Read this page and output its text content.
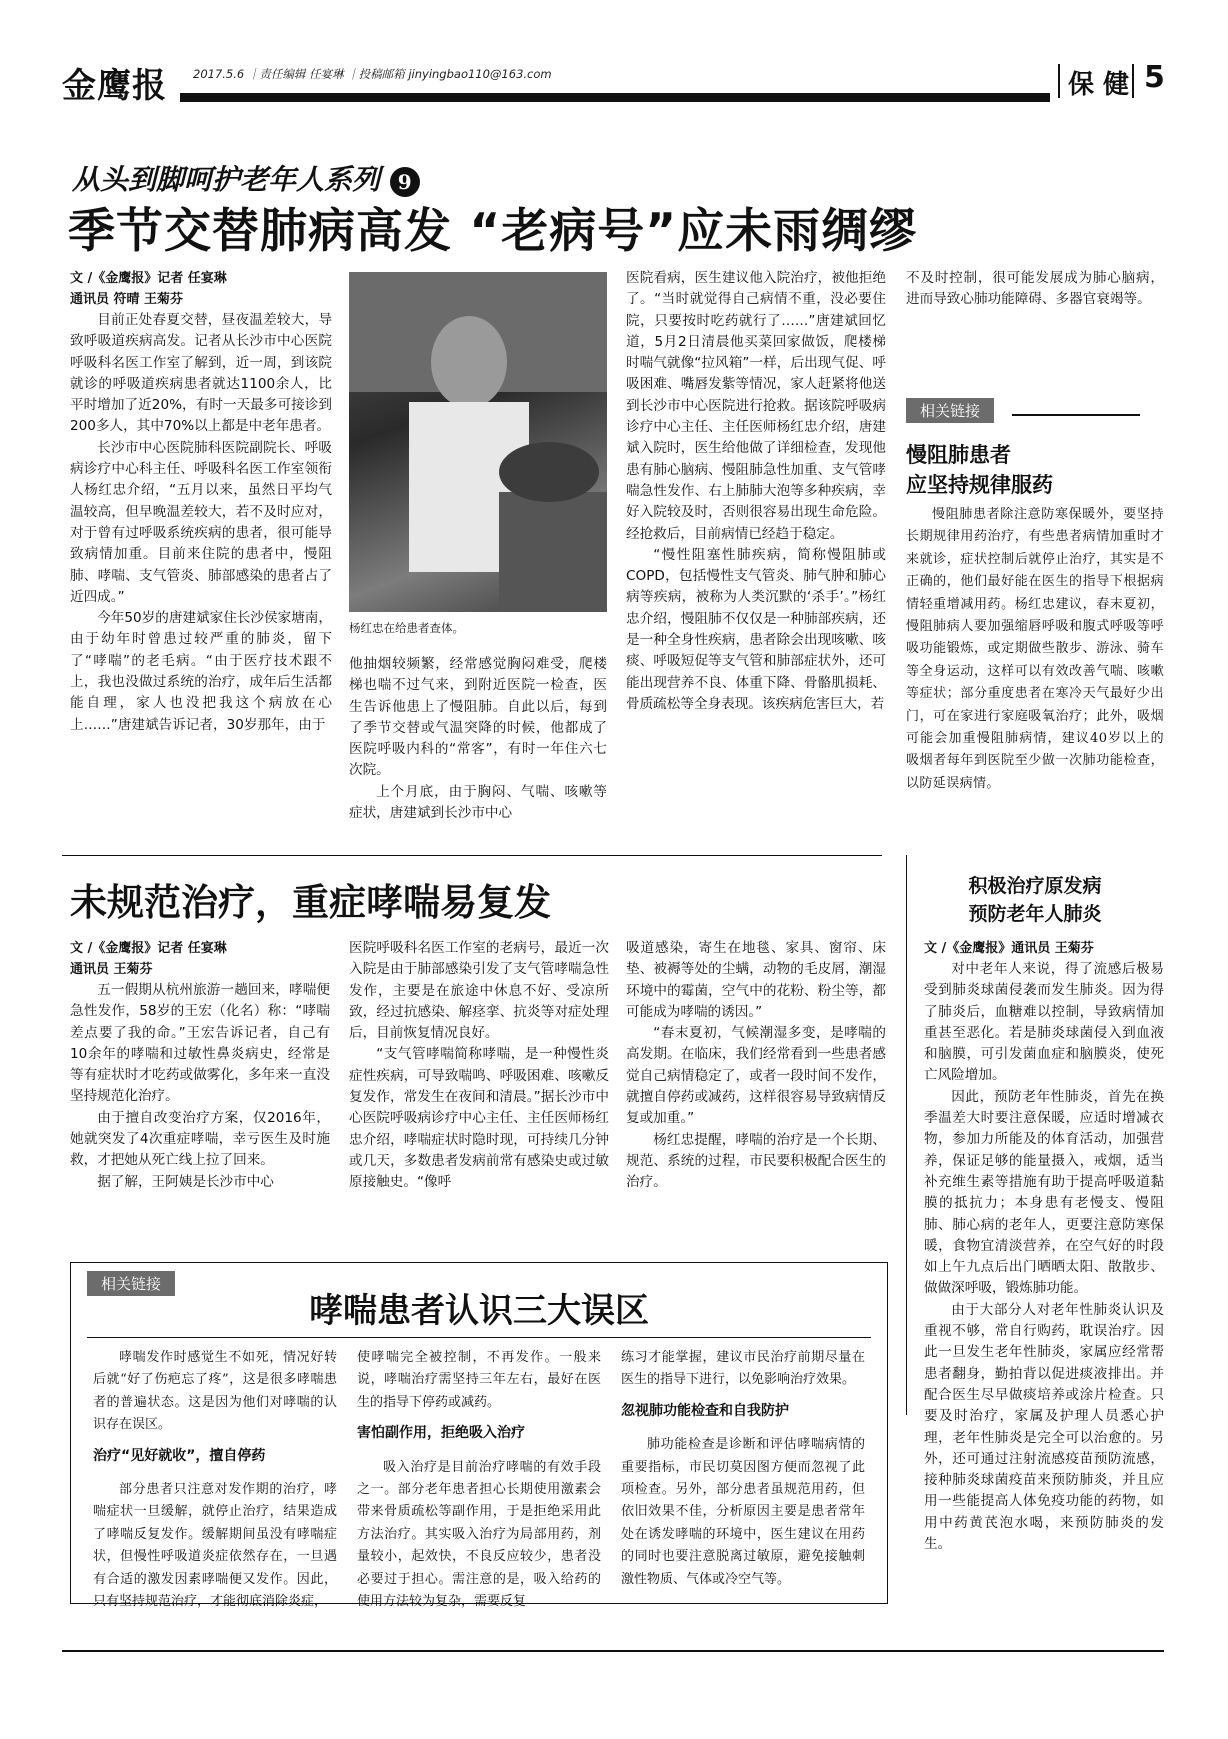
金鹰报 2017.5.6 ｜责任编辑 任宴琳 ｜投稿邮箱 jinyingbao110@163.com	保 健 5
从头到脚呵护老年人系列 9
季节交替肺病高发 “老病号”应未雨绸缪
文 /《金鹰报》记者 任宴琳
通讯员 符晴 王菊芬

目前正处春夏交替，昼夜温差较大，导致呼吸道疾病高发。记者从长沙市中心医院呼吸科名医工作室了解到，近一周，到该院就诊的呼吸道疾病患者就达1100余人，比平时增加了近20%，有时一天最多可接诊到200多人，其中70%以上都是中老年患者。

长沙市中心医院肺科医院副院长、呼吸病诊疗中心科主任、呼吸科名医工作室领衔人杨红忠介绍，“五月以来，虽然日平均气温较高，但早晚温差较大，若不及时应对，对于曾有过呼吸系统疾病的患者，很可能导致病情加重。目前来住院的患者中，慢阻肺、哮喘、支气管炎、肺部感染的患者占了近四成。”

今年50岁的唐建斌家住长沙侯家塘南，由于幼年时曾患过较严重的肺炎，留下了“哮喘”的老毛病。“由于医疗技术跟不上，我也没做过系统的治疗，成年后生活都能自理，家人也没把我这个病放在心上……”唐建斌告诉记者，30岁那年，由于

杨红忠在给患者查体。

他抽烟较频繁，经常感觉胸闷难受，爬楼梯也喘不过气来，到附近医院一检查，医生告诉他患上了慢阻肺。自此以后，每到了季节交替或气温突降的时候，他都成了医院呼吸内科的“常客”，有时一年住六七次院。

上个月底，由于胸闷、气喘、咳嗽等症状，唐建斌到长沙市中心

医院看病，医生建议他入院治疗，被他拒绝了。“当时就觉得自己病情不重，没必要住院，只要按时吃药就行了……”唐建斌回忆道，5月2日清晨他买菜回家做饭，爬楼梯时喘气就像“拉风箱”一样，后出现气促、呼吸困难、嘴唇发紫等情况，家人赶紧将他送到长沙市中心医院进行抢救。据该院呼吸病诊疗中心主任、主任医师杨红忠介绍，唐建斌入院时，医生给他做了详细检查，发现他患有肺心脑病、慢阻肺急性加重、支气管哮喘急性发作、右上肺肺大泡等多种疾病，幸好入院较及时，否则很容易出现生命危险。经抢救后，目前病情已经趋于稳定。

“慢性阻塞性肺疾病，简称慢阻肺或COPD，包括慢性支气管炎、肺气肿和肺心病等疾病，被称为人类沉默的‘杀手’。”杨红忠介绍，慢阻肺不仅仅是一种肺部疾病，还是一种全身性疾病，患者除会出现咳嗽、咳痰、呼吸短促等支气管和肺部症状外，还可能出现营养不良、体重下降、骨骼肌损耗、骨质疏松等全身表现。该疾病危害巨大，若

不及时控制，很可能发展成为肺心脑病，进而导致心肺功能障碍、多器官衰竭等。

相关链接
慢阻肺患者
应坚持规律服药

慢阻肺患者除注意防寒保暖外，要坚持长期规律用药治疗，有些患者病情加重时才来就诊，症状控制后就停止治疗，其实是不正确的，他们最好能在医生的指导下根据病情轻重增减用药。杨红忠建议，春末夏初，慢阻肺病人要加强缩唇呼吸和腹式呼吸等呼吸功能锻炼，或定期做些散步、游泳、骑车等全身运动，这样可以有效改善气喘、咳嗽等症状；部分重度患者在寒冷天气最好少出门，可在家进行家庭吸氧治疗；此外，吸烟可能会加重慢阻肺病情，建议40岁以上的吸烟者每年到医院至少做一次肺功能检查，以防延误病情。

未规范治疗，重症哮喘易复发
文 /《金鹰报》记者 任宴琳
通讯员 王菊芬

五一假期从杭州旅游一趟回来，哮喘便急性发作，58岁的王宏（化名）称：“哮喘差点要了我的命。”王宏告诉记者，自己有10余年的哮喘和过敏性鼻炎病史，经常是等有症状时才吃药或做雾化，多年来一直没坚持规范化治疗。

由于擅自改变治疗方案，仅2016年，她就突发了4次重症哮喘，幸亏医生及时施救，才把她从死亡线上拉了回来。

据了解，王阿姨是长沙市中心

医院呼吸科名医工作室的老病号，最近一次入院是由于肺部感染引发了支气管哮喘急性发作，主要是在旅途中休息不好、受凉所致，经过抗感染、解痉挛、抗炎等对症处理后，目前恢复情况良好。

“支气管哮喘简称哮喘，是一种慢性炎症性疾病，可导致喘鸣、呼吸困难、咳嗽反复发作，常发生在夜间和清晨。”据长沙市中心医院呼吸病诊疗中心主任、主任医师杨红忠介绍，哮喘症状时隐时现，可持续几分钟或几天，多数患者发病前常有感染史或过敏原接触史。“像呼

吸道感染，寄生在地毯、家具、窗帘、床垫、被褥等处的尘螨，动物的毛皮屑，潮湿环境中的霉菌，空气中的花粉、粉尘等，都可能成为哮喘的诱因。”

“春末夏初，气候潮湿多变，是哮喘的高发期。在临床，我们经常看到一些患者感觉自己病情稳定了，或者一段时间不发作，就擅自停药或减药，这样很容易导致病情反复或加重。”

杨红忠提醒，哮喘的治疗是一个长期、规范、系统的过程，市民要积极配合医生的治疗。

相关链接
哮喘患者认识三大误区

哮喘发作时感觉生不如死，情况好转后就“好了伤疤忘了疼”，这是很多哮喘患者的普遍状态。这是因为他们对哮喘的认识存在误区。

治疗“见好就收”，擅自停药

部分患者只注意对发作期的治疗，哮喘症状一旦缓解，就停止治疗，结果造成了哮喘反复发作。缓解期间虽没有哮喘症状，但慢性呼吸道炎症依然存在，一旦遇有合适的激发因素哮喘便又发作。因此，只有坚持规范治疗，才能彻底消除炎症，

使哮喘完全被控制，不再发作。一般来说，哮喘治疗需坚持三年左右，最好在医生的指导下停药或减药。

害怕副作用，拒绝吸入治疗

吸入治疗是目前治疗哮喘的有效手段之一。部分老年患者担心长期使用激素会带来骨质疏松等副作用，于是拒绝采用此方法治疗。其实吸入治疗为局部用药，剂量较小，起效快，不良反应较少，患者没必要过于担心。需注意的是，吸入给药的使用方法较为复杂，需要反复

练习才能掌握，建议市民治疗前期尽量在医生的指导下进行，以免影响治疗效果。

忽视肺功能检查和自我防护

肺功能检查是诊断和评估哮喘病情的重要指标，市民切莫因图方便而忽视了此项检查。另外，部分患者虽规范用药，但依旧效果不佳，分析原因主要是患者常年处在诱发哮喘的环境中，医生建议在用药的同时也要注意脱离过敏原，避免接触刺激性物质、气体或冷空气等。

积极治疗原发病
预防老年人肺炎
文 /《金鹰报》通讯员 王菊芬

对中老年人来说，得了流感后极易受到肺炎球菌侵袭而发生肺炎。因为得了肺炎后，血糖难以控制，导致病情加重甚至恶化。若是肺炎球菌侵入到血液和脑膜，可引发菌血症和脑膜炎，使死亡风险增加。

因此，预防老年性肺炎，首先在换季温差大时要注意保暖，应适时增减衣物，参加力所能及的体育活动，加强营养，保证足够的能量摄入，戒烟，适当补充维生素等措施有助于提高呼吸道黏膜的抵抗力；本身患有老慢支、慢阻肺、肺心病的老年人，更要注意防寒保暖，食物宜清淡营养，在空气好的时段如上午九点后出门晒晒太阳、散散步、做做深呼吸，锻炼肺功能。

由于大部分人对老年性肺炎认识及重视不够，常自行购药，耽误治疗。因此一旦发生老年性肺炎，家属应经常帮患者翻身，勤拍背以促进痰液排出。并配合医生尽早做痰培养或涂片检查。只要及时治疗，家属及护理人员悉心护理，老年性肺炎是完全可以治愈的。另外，还可通过注射流感疫苗预防流感，接种肺炎球菌疫苗来预防肺炎，并且应用一些能提高人体免疫功能的药物，如用中药黄芪泡水喝，来预防肺炎的发生。
